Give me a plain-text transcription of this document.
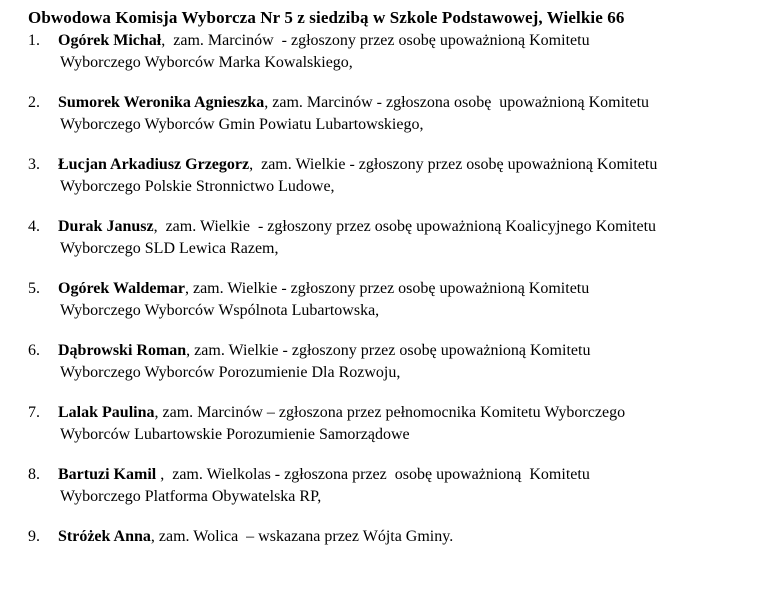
Obwodowa Komisja Wyborcza Nr 5 z siedzibą w Szkole Podstawowej, Wielkie 66
1. Ogórek Michał,  zam. Marcinów  - zgłoszony przez osobę upoważnioną Komitetu
Wyborczego Wyborców Marka Kowalskiego,
2. Sumorek Weronika Agnieszka, zam. Marcinów - zgłoszona osobę  upoważnioną Komitetu
Wyborczego Wyborców Gmin Powiatu Lubartowskiego,
3. Łucjan Arkadiusz Grzegorz,  zam. Wielkie - zgłoszony przez osobę upoważnioną Komitetu
Wyborczego Polskie Stronnictwo Ludowe,
4. Durak Janusz,  zam. Wielkie  - zgłoszony przez osobę upoważnioną Koalicyjnego Komitetu
Wyborczego SLD Lewica Razem,
5. Ogórek Waldemar, zam. Wielkie - zgłoszony przez osobę upoważnioną Komitetu
Wyborczego Wyborców Wspólnota Lubartowska,
6. Dąbrowski Roman, zam. Wielkie - zgłoszony przez osobę upoważnioną Komitetu
Wyborczego Wyborców Porozumienie Dla Rozwoju,
7. Lalak Paulina, zam. Marcinów – zgłoszona przez pełnomocnika Komitetu Wyborczego
Wyborców Lubartowskie Porozumienie Samorządowe
8. Bartuzi Kamil ,  zam. Wielkolas - zgłoszona przez  osobę upoważnioną  Komitetu
Wyborczego Platforma Obywatelska RP,
9. Stróżek Anna, zam. Wolica  – wskazana przez Wójta Gminy.
